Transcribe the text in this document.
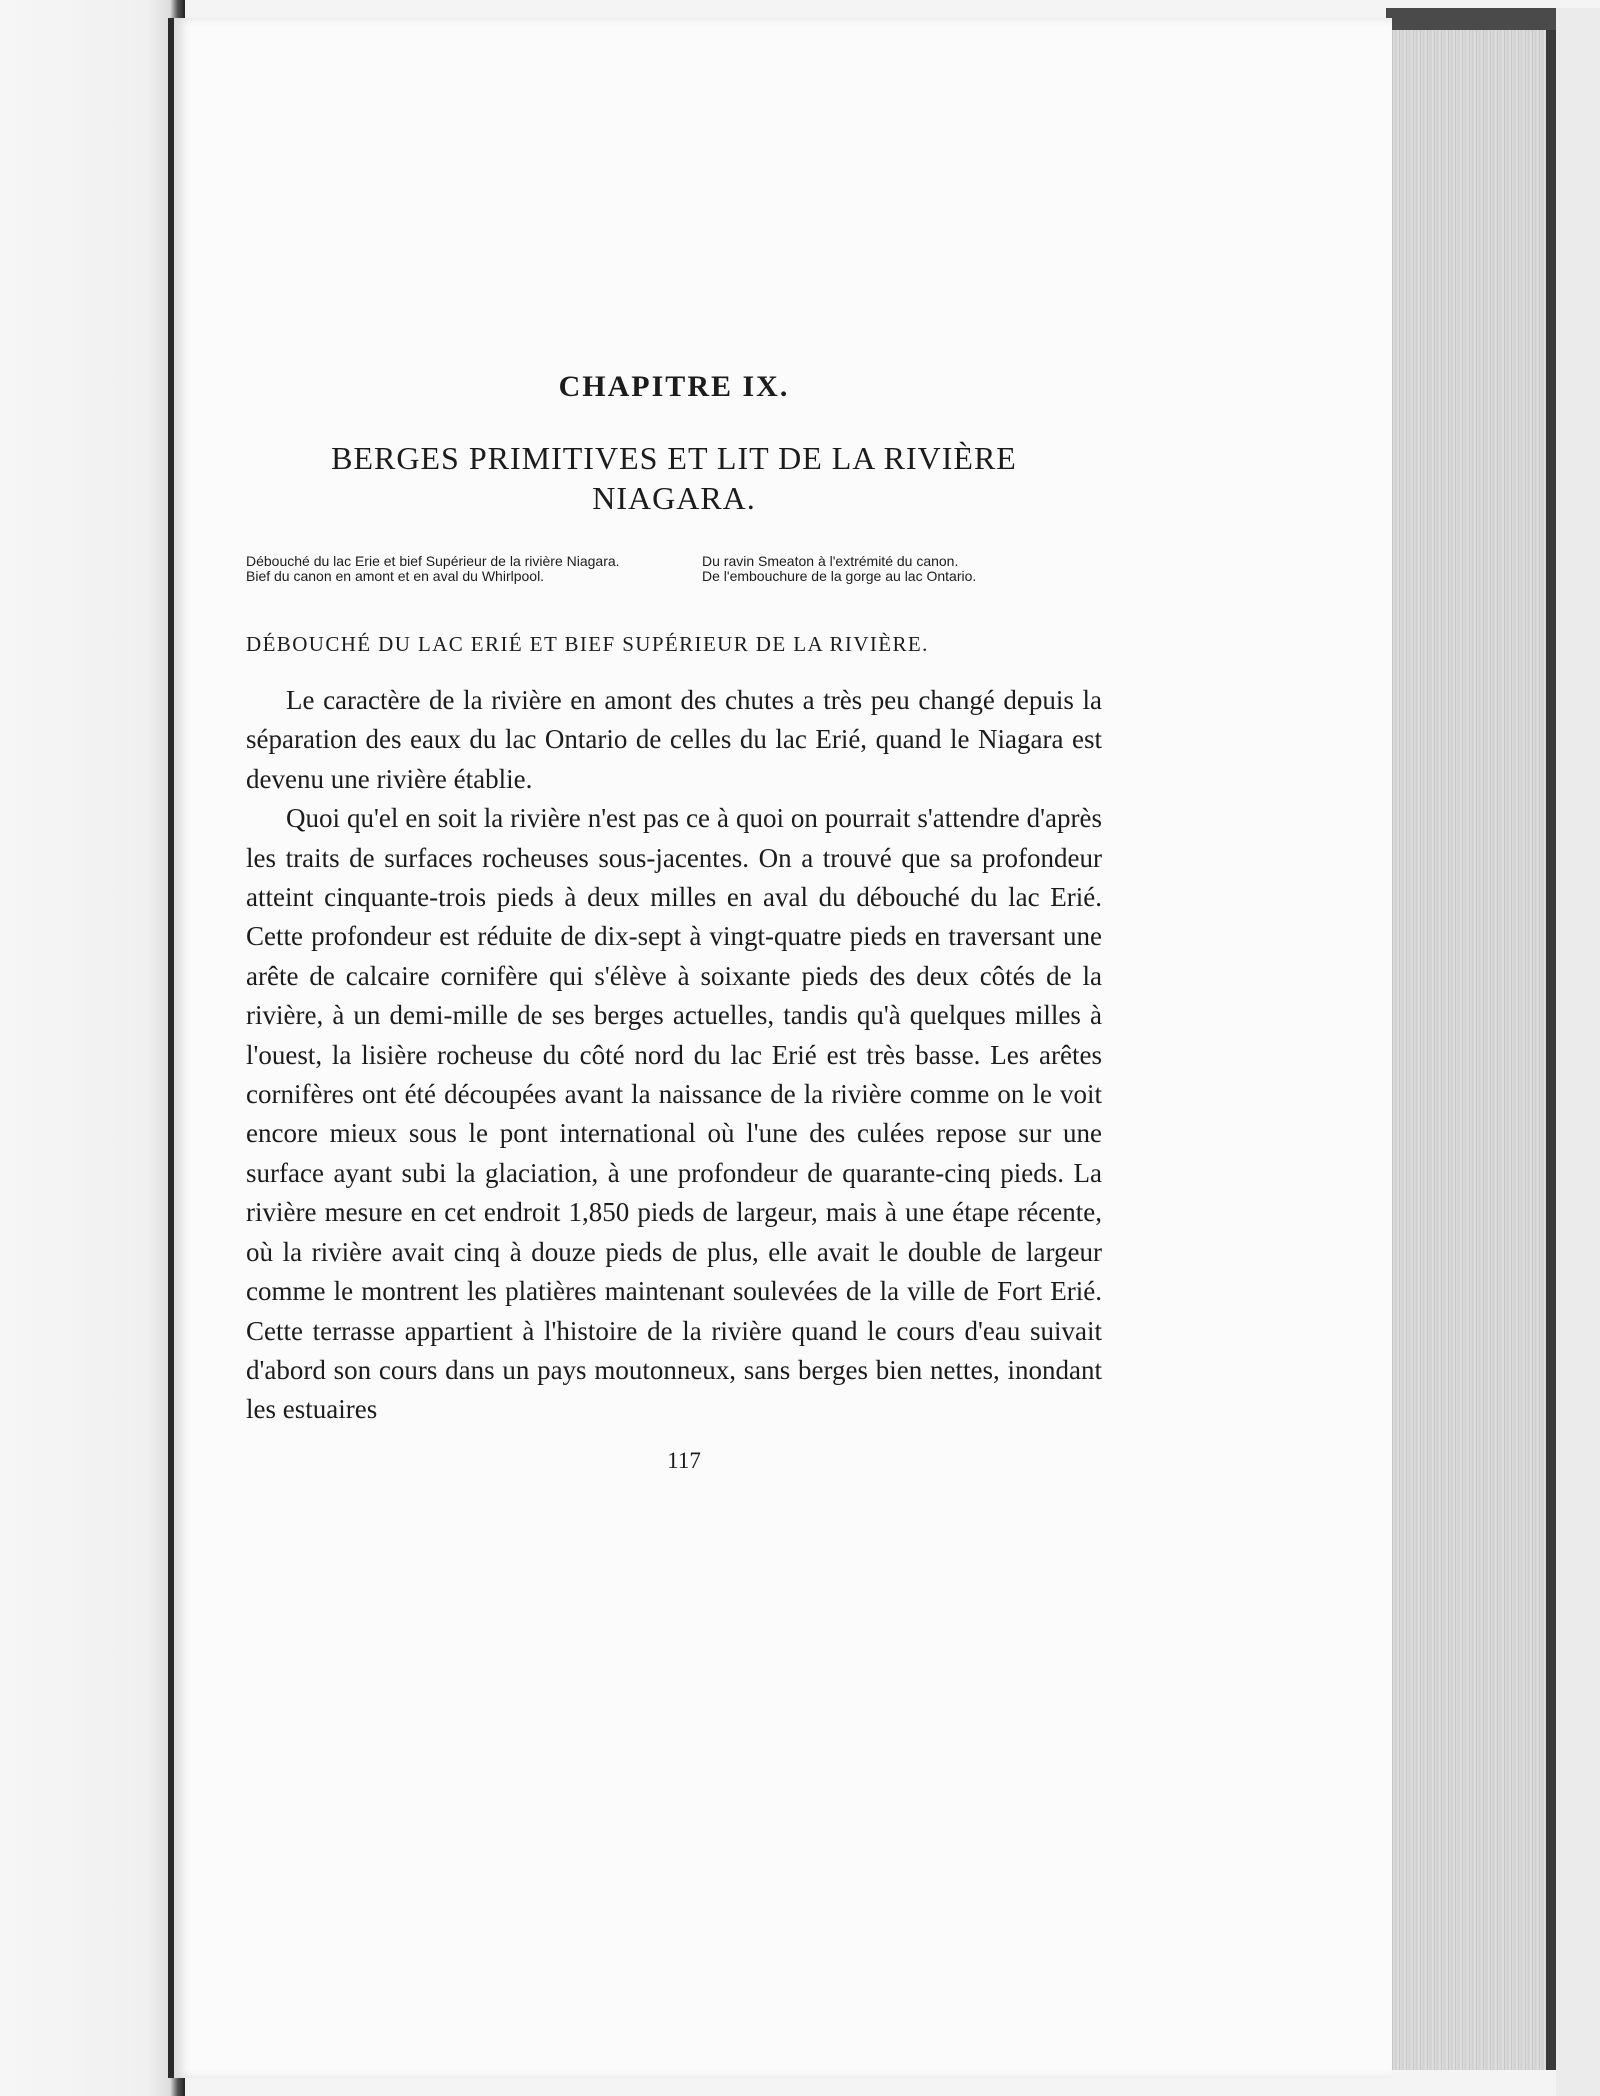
CHAPITRE IX.
BERGES PRIMITIVES ET LIT DE LA RIVIÈRE NIAGARA.
Débouché du lac Erie et bief Supérieur de la rivière Niagara.
Bief du canon en amont et en aval du Whirlpool.
Du ravin Smeaton à l'extrémité du canon.
De l'embouchure de la gorge au lac Ontario.
DÉBOUCHÉ DU LAC ERIÉ ET BIEF SUPÉRIEUR DE LA RIVIÈRE.

Le caractère de la rivière en amont des chutes a très peu changé depuis la séparation des eaux du lac Ontario de celles du lac Erié, quand le Niagara est devenu une rivière établie.

Quoi qu'el en soit la rivière n'est pas ce à quoi on pourrait s'attendre d'après les traits de surfaces rocheuses sous-jacentes. On a trouvé que sa profondeur atteint cinquante-trois pieds à deux milles en aval du débouché du lac Erié. Cette profondeur est réduite de dix-sept à vingt-quatre pieds en traversant une arête de calcaire cornifère qui s'élève à soixante pieds des deux côtés de la rivière, à un demi-mille de ses berges actuelles, tandis qu'à quelques milles à l'ouest, la lisière rocheuse du côté nord du lac Erié est très basse. Les arêtes cornifères ont été découpées avant la naissance de la rivière comme on le voit encore mieux sous le pont international où l'une des culées repose sur une surface ayant subi la glaciation, à une profondeur de quarante-cinq pieds. La rivière mesure en cet endroit 1,850 pieds de largeur, mais à une étape récente, où la rivière avait cinq à douze pieds de plus, elle avait le double de largeur comme le montrent les platières maintenant soulevées de la ville de Fort Erié. Cette terrasse appartient à l'histoire de la rivière quand le cours d'eau suivait d'abord son cours dans un pays moutonneux, sans berges bien nettes, inondant les estuaires

117
